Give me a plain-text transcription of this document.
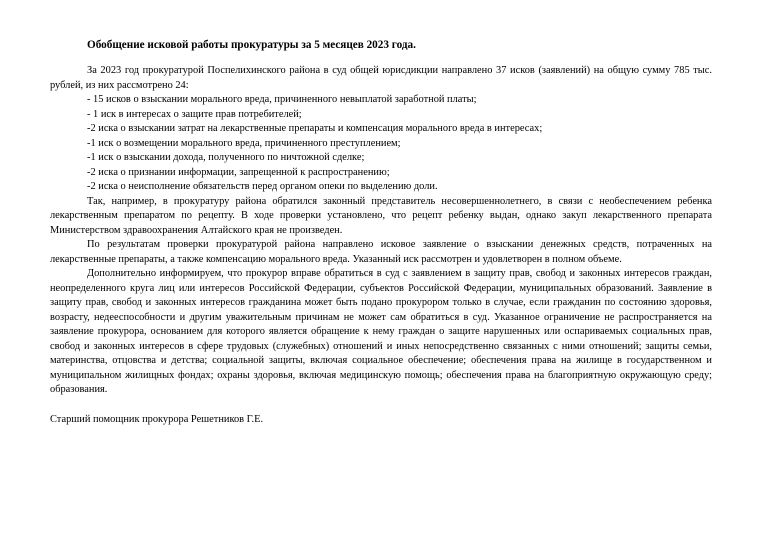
Обобщение исковой работы прокуратуры за 5 месяцев 2023 года.

За 2023 год прокуратурой Поспелихинского района в суд общей юрисдикции направлено 37 исков (заявлений) на общую сумму 785 тыс. рублей, из них рассмотрено 24:

- 15 исков о взыскании морального вреда, причиненного невыплатой заработной платы;

- 1 иск в интересах о защите прав потребителей;

-2 иска о взыскании затрат на лекарственные препараты и компенсация морального вреда в интересах;

-1 иск о возмещении морального вреда, причиненного преступлением;

-1 иск о взыскании дохода, полученного по ничтожной сделке;

-2 иска о признании информации, запрещенной к распространению;

-2 иска о неисполнение обязательств перед органом опеки по выделению доли.

Так, например, в прокуратуру района обратился законный представитель несовершеннолетнего, в связи с необеспечением ребенка лекарственным препаратом по рецепту. В ходе проверки установлено, что рецепт ребенку выдан, однако закуп лекарственного препарата Министерством здравоохранения Алтайского края не произведен.

По результатам проверки прокуратурой района направлено исковое заявление о взыскании денежных средств, потраченных на лекарственные препараты, а также компенсацию морального вреда. Указанный иск рассмотрен и удовлетворен в полном объеме.

Дополнительно информируем, что прокурор вправе обратиться в суд с заявлением в защиту прав, свобод и законных интересов граждан, неопределенного круга лиц или интересов Российской Федерации, субъектов Российской Федерации, муниципальных образований. Заявление в защиту прав, свобод и законных интересов гражданина может быть подано прокурором только в случае, если гражданин по состоянию здоровья, возрасту, недееспособности и другим уважительным причинам не может сам обратиться в суд. Указанное ограничение не распространяется на заявление прокурора, основанием для которого является обращение к нему граждан о защите нарушенных или оспариваемых социальных прав, свобод и законных интересов в сфере трудовых (служебных) отношений и иных непосредственно связанных с ними отношений; защиты семьи, материнства, отцовства и детства; социальной защиты, включая социальное обеспечение; обеспечения права на жилище в государственном и муниципальном жилищных фондах; охраны здоровья, включая медицинскую помощь; обеспечения права на благоприятную окружающую среду; образования.

Старший помощник прокурора Решетников Г.Е.
